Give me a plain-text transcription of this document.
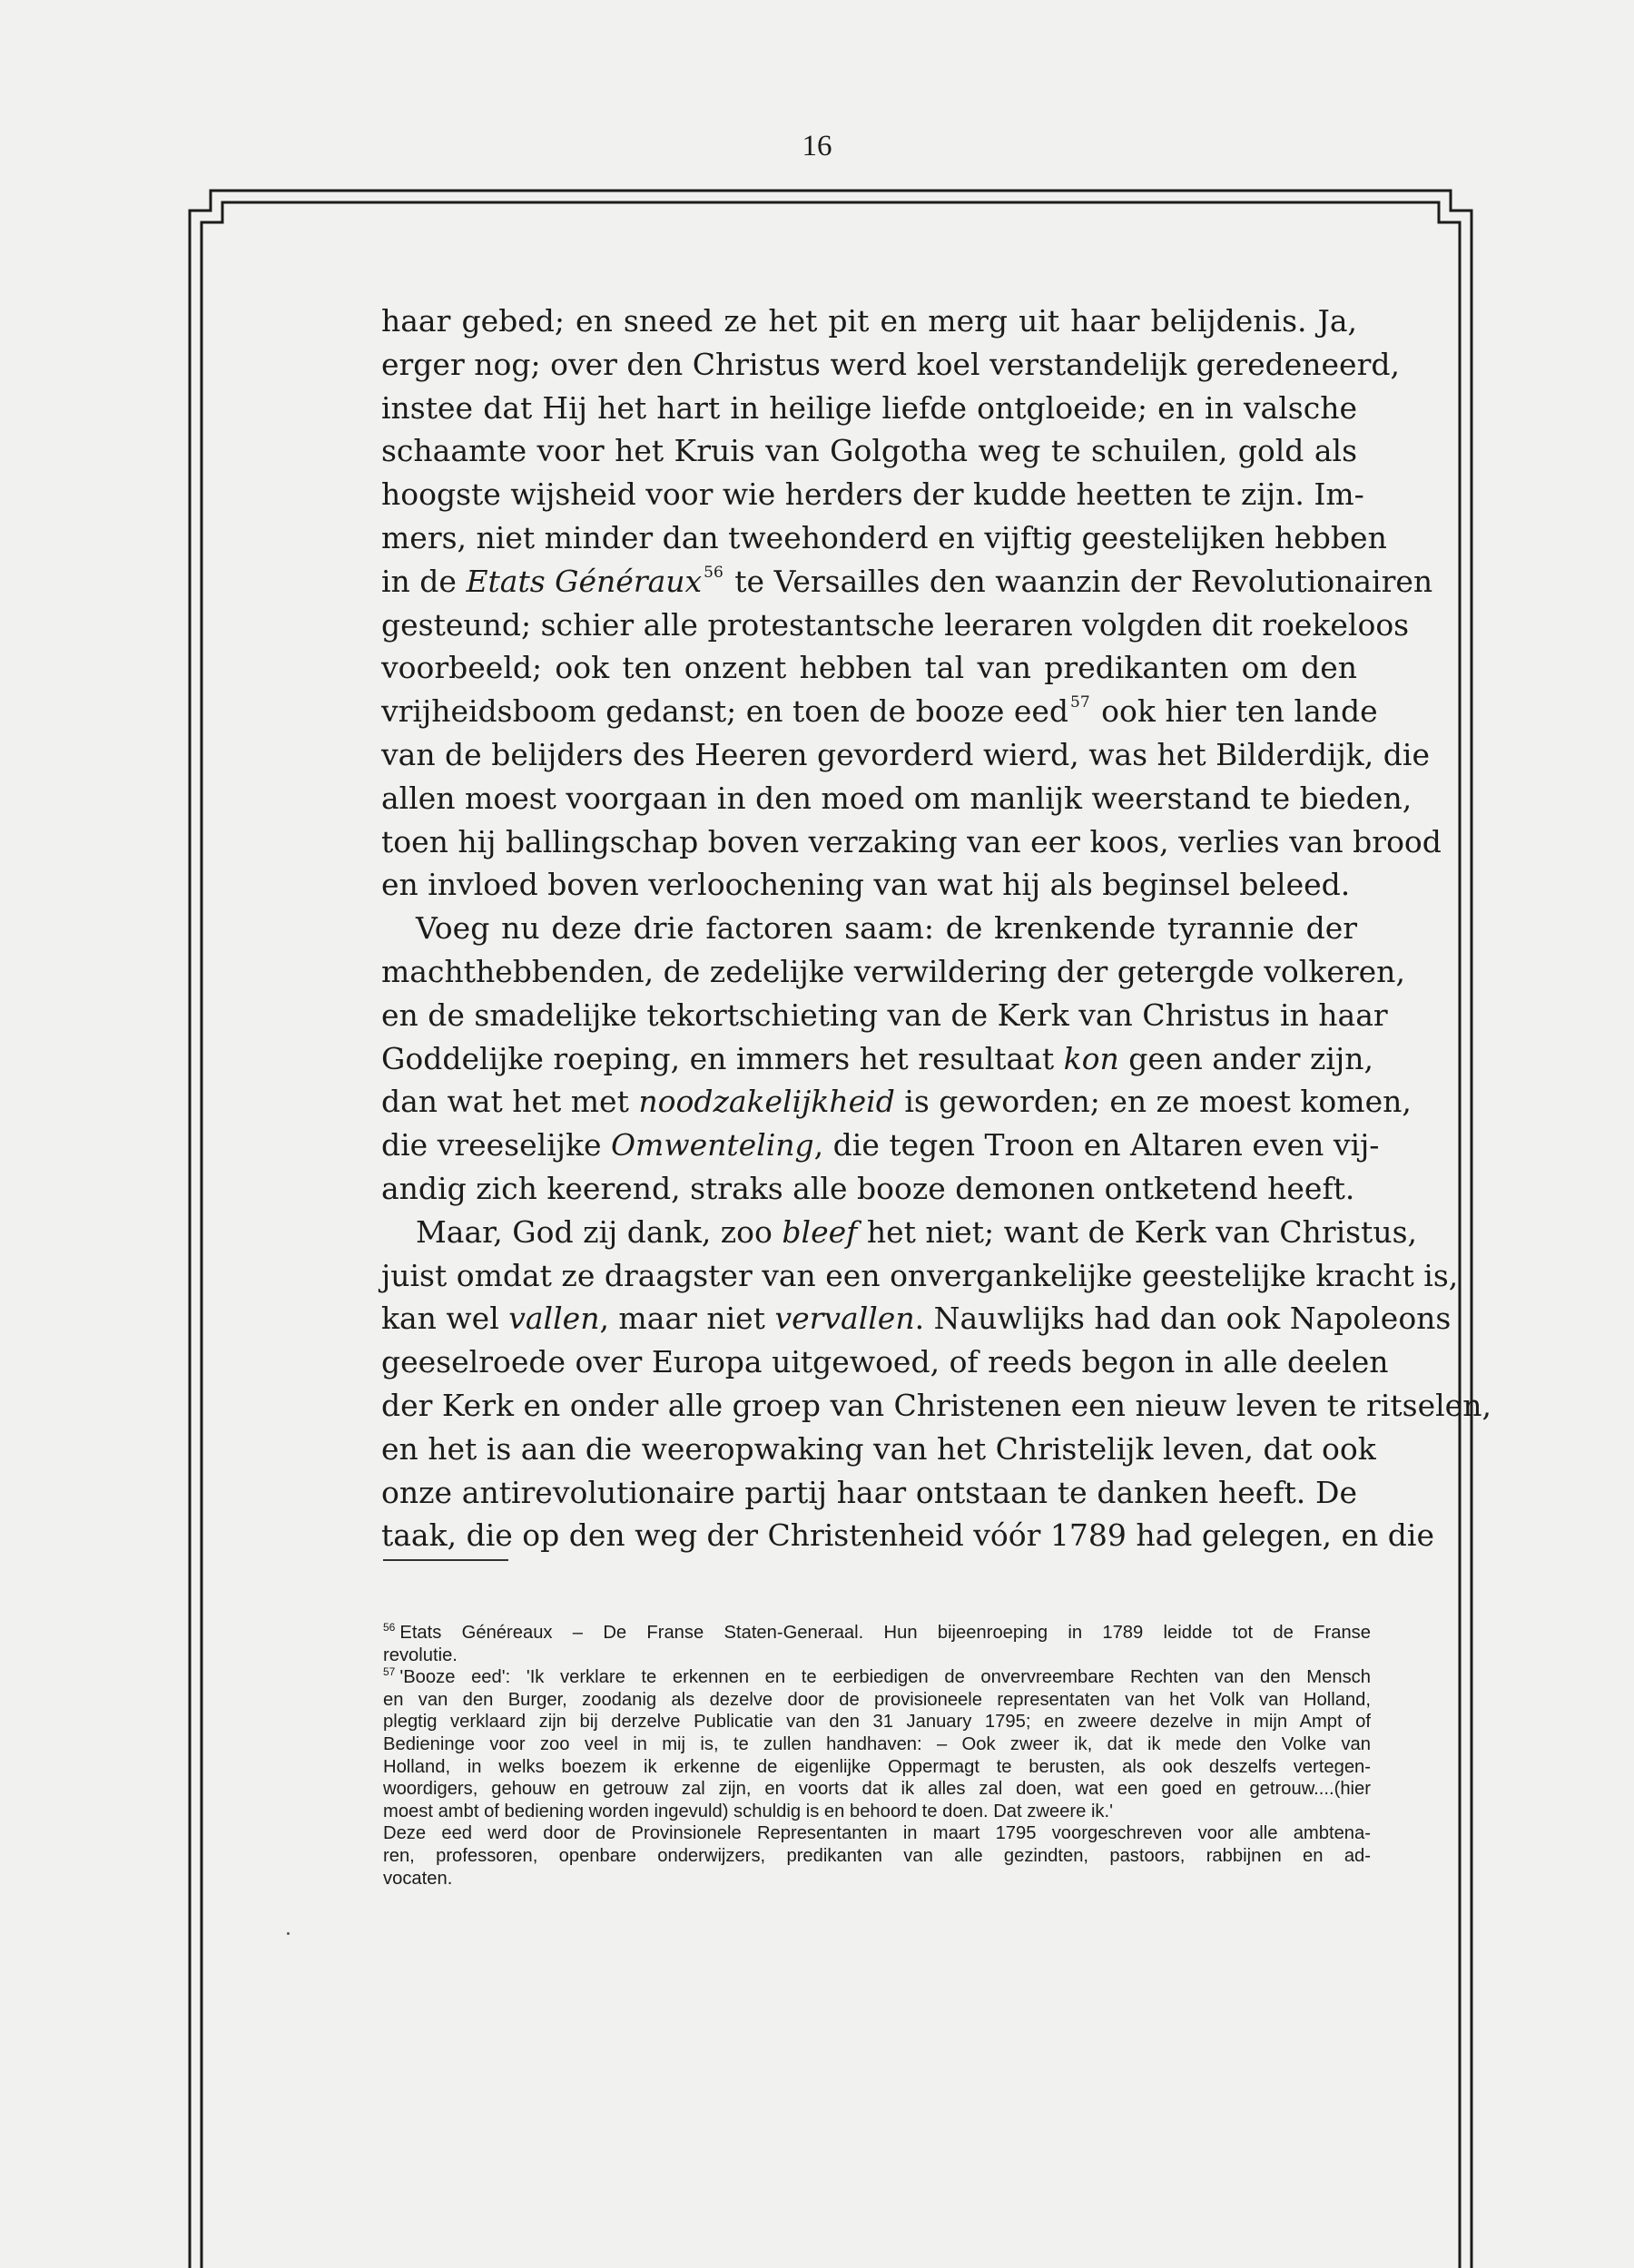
16
haar gebed; en sneed ze het pit en merg uit haar belijdenis. Ja,
erger nog; over den Christus werd koel verstandelijk geredeneerd,
instee dat Hij het hart in heilige liefde ontgloeide; en in valsche
schaamte voor het Kruis van Golgotha weg te schuilen, gold als
hoogste wijsheid voor wie herders der kudde heetten te zijn. Im-
mers, niet minder dan tweehonderd en vijftig geestelijken hebben
in de Etats Généraux $^{56}$ te Versailles den waanzin der Revolutionairen
gesteund; schier alle protestantsche leeraren volgden dit roekeloos
voorbeeld; ook ten onzent hebben tal van predikanten om den
vrijheidsboom gedanst; en toen de booze eed $^{57}$ ook hier ten lande
van de belijders des Heeren gevorderd wierd, was het Bilderdijk, die
allen moest voorgaan in den moed om manlijk weerstand te bieden,
toen hij ballingschap boven verzaking van eer koos, verlies van brood
en invloed boven verloochening van wat hij als beginsel beleed.
Voeg nu deze drie factoren saam: de krenkende tyrannie der
machthebbenden, de zedelijke verwildering der getergde volkeren,
en de smadelijke tekortschieting van de Kerk van Christus in haar
Goddelijke roeping, en immers het resultaat kon geen ander zijn,
dan wat het met noodzakelijkheid is geworden; en ze moest komen,
die vreeselijke Omwenteling, die tegen Troon en Altaren even vij-
andig zich keerend, straks alle booze demonen ontketend heeft.
Maar, God zij dank, zoo bleef het niet; want de Kerk van Christus,
juist omdat ze draagster van een onvergankelijke geestelijke kracht is,
kan wel vallen, maar niet vervallen. Nauwlijks had dan ook Napoleons
geeselroede over Europa uitgewoed, of reeds begon in alle deelen
der Kerk en onder alle groep van Christenen een nieuw leven te ritselen,
en het is aan die weeropwaking van het Christelijk leven, dat ook
onze antirevolutionaire partij haar ontstaan te danken heeft. De
taak, die op den weg der Christenheid vóór 1789 had gelegen, en die
$^{56}$ Etats Généreaux – De Franse Staten-Generaal. Hun bijeenroeping in 1789 leidde tot de Franse
revolutie.
$^{57}$ 'Booze eed': 'Ik verklare te erkennen en te eerbiedigen de onvervreembare Rechten van den Mensch
en van den Burger, zoodanig als dezelve door de provisioneele representaten van het Volk van Holland,
plegtig verklaard zijn bij derzelve Publicatie van den 31 January 1795; en zweere dezelve in mijn Ampt of
Bedieninge voor zoo veel in mij is, te zullen handhaven: – Ook zweer ik, dat ik mede den Volke van
Holland, in welks boezem ik erkenne de eigenlijke Oppermagt te berusten, als ook deszelfs vertegen-
woordigers, gehouw en getrouw zal zijn, en voorts dat ik alles zal doen, wat een goed en getrouw....(hier
moest ambt of bediening worden ingevuld) schuldig is en behoord te doen. Dat zweere ik.'
Deze eed werd door de Provinsionele Representanten in maart 1795 voorgeschreven voor alle ambtena-
ren, professoren, openbare onderwijzers, predikanten van alle gezindten, pastoors, rabbijnen en ad-
vocaten.
